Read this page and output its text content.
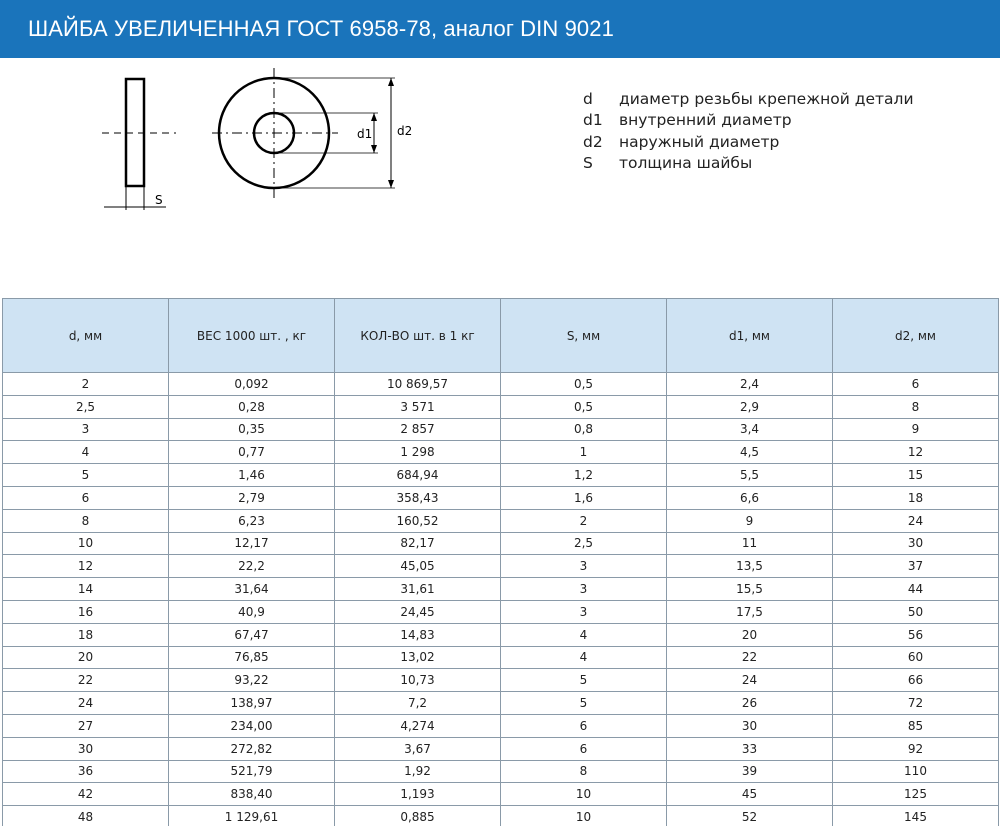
ШАЙБА УВЕЛИЧЕННАЯ ГОСТ 6958-78, аналог DIN 9021
S
d1 d2
d	диаметр резьбы крепежной детали
d1	внутренний диаметр
d2	наружный диаметр
S	толщина шайбы
d, мм	ВЕС 1000 шт. , кг	КОЛ-ВО шт. в 1 кг	S, мм	d1, мм	d2, мм
2	0,092	10 869,57	0,5	2,4	6
2,5	0,28	3 571	0,5	2,9	8
3	0,35	2 857	0,8	3,4	9
4	0,77	1 298	1	4,5	12
5	1,46	684,94	1,2	5,5	15
6	2,79	358,43	1,6	6,6	18
8	6,23	160,52	2	9	24
10	12,17	82,17	2,5	11	30
12	22,2	45,05	3	13,5	37
14	31,64	31,61	3	15,5	44
16	40,9	24,45	3	17,5	50
18	67,47	14,83	4	20	56
20	76,85	13,02	4	22	60
22	93,22	10,73	5	24	66
24	138,97	7,2	5	26	72
27	234,00	4,274	6	30	85
30	272,82	3,67	6	33	92
36	521,79	1,92	8	39	110
42	838,40	1,193	10	45	125
48	1 129,61	0,885	10	52	145
